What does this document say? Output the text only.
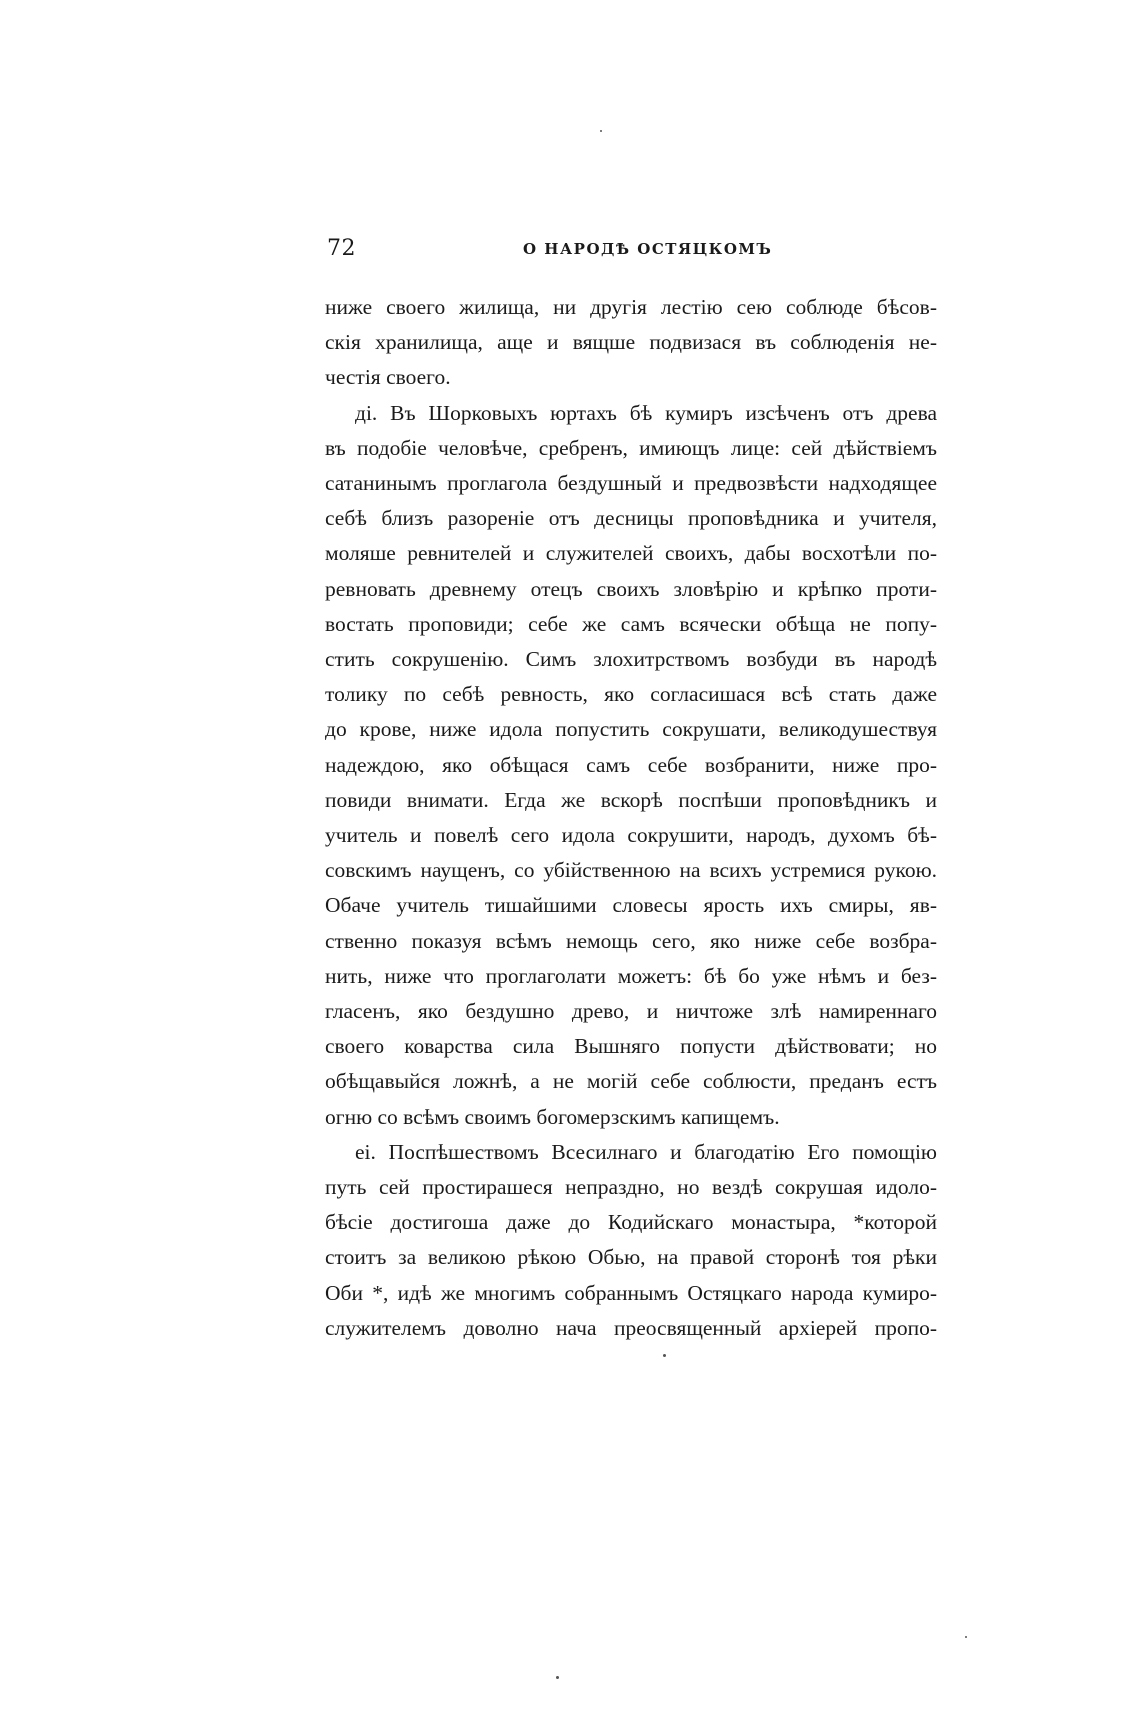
72	О НАРОДѢ ОСТЯЦКОМЪ

ниже своего жилища, ни другія лестію сею соблюде бѣсов-
скія хранилища, аще и вящше подвизася въ соблюденія не-
честія своего.

ді. Въ Шорковыхъ юртахъ бѣ кумиръ изсѣченъ отъ древа
въ подобіе человѣче, сребренъ, имиющъ лице: сей дѣйствіемъ
сатанинымъ проглагола бездушный и предвозвѣсти надходящее
себѣ близъ разореніе отъ десницы проповѣдника и учителя,
моляше ревнителей и служителей своихъ, дабы восхотѣли по-
ревновать древнему отецъ своихъ зловѣрію и крѣпко проти-
востать проповиди; себе же самъ всячески обѣща не попу-
стить сокрушенію. Симъ злохитрствомъ возбуди въ народѣ
толику по себѣ ревность, яко согласишася всѣ стать даже
до крове, ниже идола попустить сокрушати, великодушествуя
надеждою, яко обѣщася самъ себе возбранити, ниже про-
повиди внимати. Егда же вскорѣ поспѣши проповѣдникъ и
учитель и повелѣ сего идола сокрушити, народъ, духомъ бѣ-
совскимъ наущенъ, со убійственною на всихъ устремися рукою.
Обаче учитель тишайшими словесы ярость ихъ смиры, яв-
ственно показуя всѣмъ немощь сего, яко ниже себе возбра-
нить, ниже что проглаголати можетъ: бѣ бо уже нѣмъ и без-
гласенъ, яко бездушно древо, и ничтоже злѣ намиреннаго
своего коварства сила Вышняго попусти дѣйствовати; но
обѣщавыйся ложнѣ, а не могій себе соблюсти, преданъ естъ
огню со всѣмъ своимъ богомерзскимъ капищемъ.

еі. Поспѣшествомъ Всесилнаго и благодатію Его помощію
путь сей простирашеся непраздно, но вездѣ сокрушая идоло-
бѣсіе достигоша даже до Кодийскаго монастыра, *которой
стоитъ за великою рѣкою Обью, на правой сторонѣ тоя рѣки
Оби *, идѣ же многимъ собраннымъ Остяцкаго народа кумиро-
служителемъ доволно нача преосвященный архіерей пропо-
